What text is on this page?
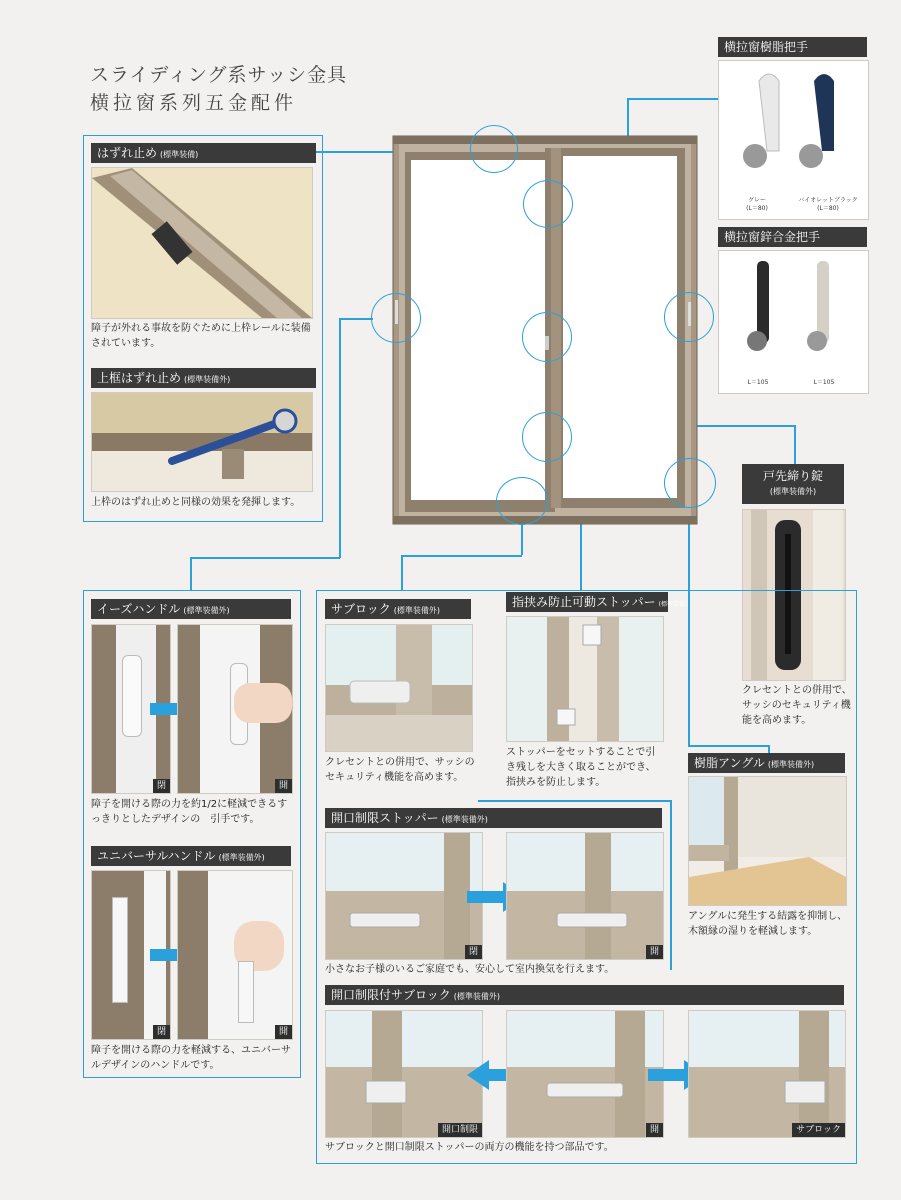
スライディング系サッシ金具
横拉窗系列五金配件
はずれ止め (標準装備)
障子が外れる事故を防ぐために上枠レールに装備されています。
上框はずれ止め (標準装備外)
上枠のはずれ止めと同様の効果を発揮します。
横拉窗樹脂把手
グレー
(L＝80)
バイオレットブラック
(L＝80)
横拉窗鋅合金把手
L＝105	L＝105
戸先締り錠
(標準装備外)
クレセントとの併用で、サッシのセキュリティ機能を高めます。
イーズハンドル (標準装備外)
閉	開
障子を開ける際の力を約1/2に軽減できるすっきりとしたデザインの　引手です。
ユニバーサルハンドル (標準装備外)
閉	開
障子を開ける際の力を軽減する、ユニバーサルデザインのハンドルです。
サブロック (標準装備外)
クレセントとの併用で、サッシのセキュリティ機能を高めます。
指挟み防止可動ストッパー (標準装備)
ストッパーをセットすることで引き残しを大きく取ることができ、指挟みを防止します。
樹脂アングル (標準装備外)
アングルに発生する結露を抑制し、木額縁の湿りを軽減します。
開口制限ストッパー (標準装備外)
閉	開
小さなお子様のいるご家庭でも、安心して室内換気を行えます。
開口制限付サブロック (標準装備外)
開口制限	開	サブロック
サブロックと開口制限ストッパーの両方の機能を持つ部品です。
